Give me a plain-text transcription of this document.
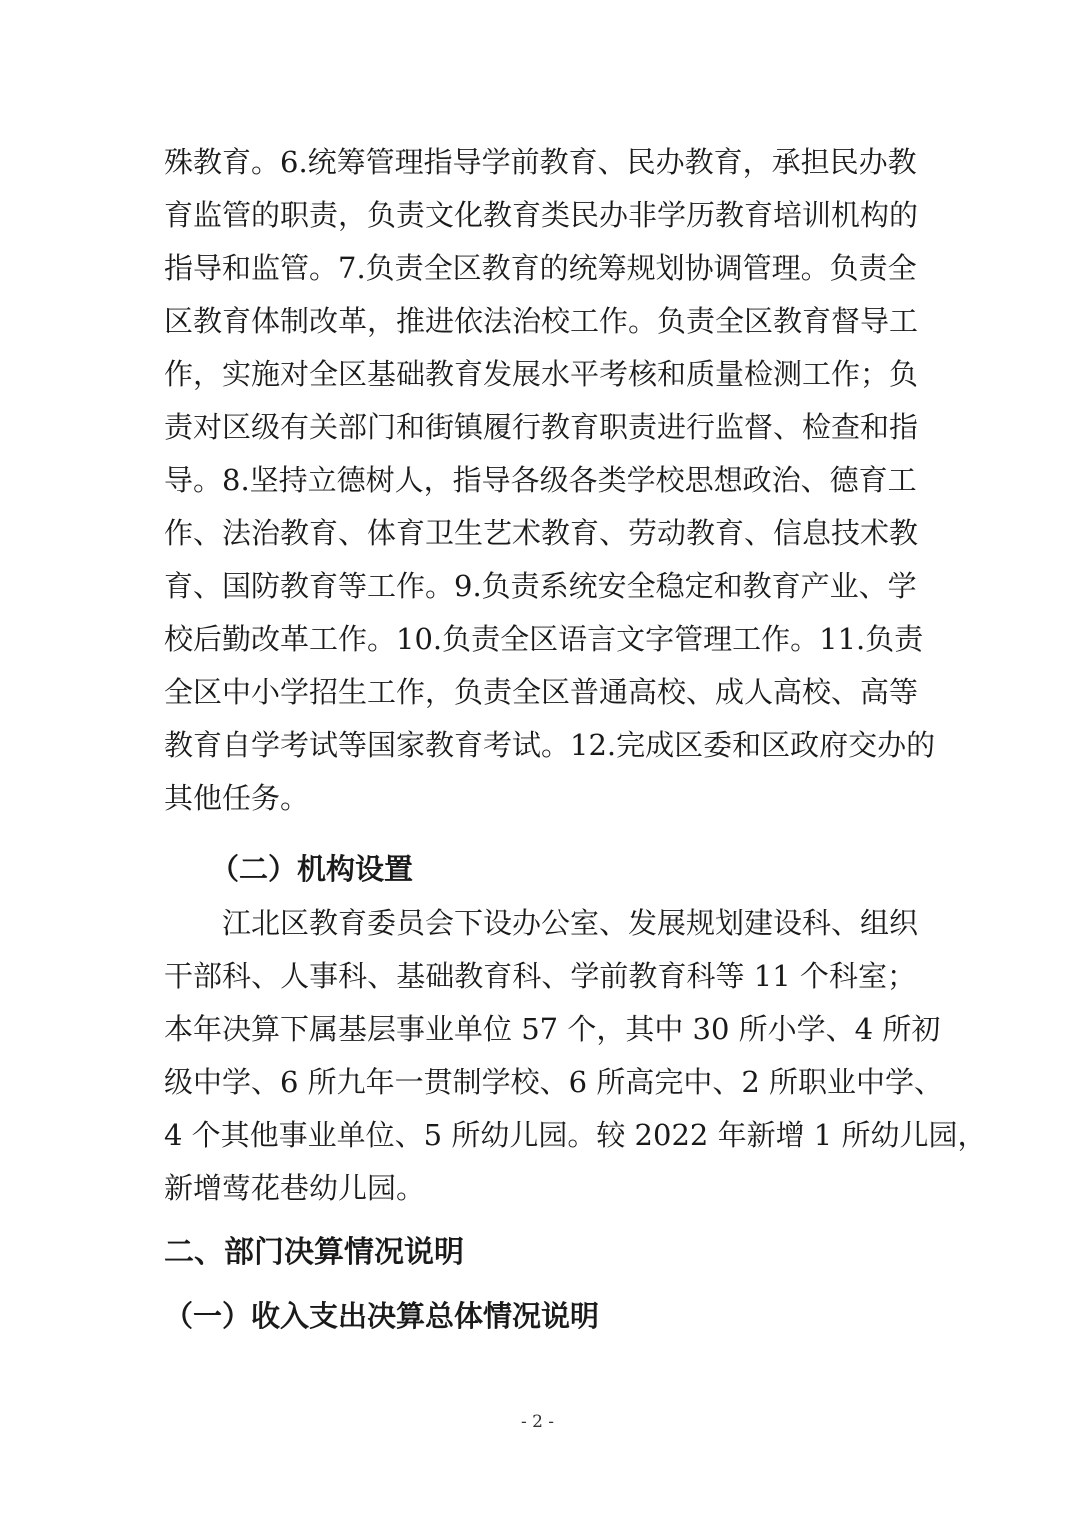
殊教育。6.统筹管理指导学前教育、民办教育，承担民办教
育监管的职责，负责文化教育类民办非学历教育培训机构的
指导和监管。7.负责全区教育的统筹规划协调管理。负责全
区教育体制改革，推进依法治校工作。负责全区教育督导工
作，实施对全区基础教育发展水平考核和质量检测工作；负
责对区级有关部门和街镇履行教育职责进行监督、检查和指
导。8.坚持立德树人，指导各级各类学校思想政治、德育工
作、法治教育、体育卫生艺术教育、劳动教育、信息技术教
育、国防教育等工作。9.负责系统安全稳定和教育产业、学
校后勤改革工作。10.负责全区语言文字管理工作。11.负责
全区中小学招生工作，负责全区普通高校、成人高校、高等
教育自学考试等国家教育考试。12.完成区委和区政府交办的
其他任务。
（二）机构设置
江北区教育委员会下设办公室、发展规划建设科、组织
干部科、人事科、基础教育科、学前教育科等 11 个科室；
本年决算下属基层事业单位 57 个，其中 30 所小学、4 所初
级中学、6 所九年一贯制学校、6 所高完中、2 所职业中学、
4 个其他事业单位、5 所幼儿园。较 2022 年新增 1 所幼儿园，
新增莺花巷幼儿园。
二、部门决算情况说明
（一）收入支出决算总体情况说明
- 2 -
